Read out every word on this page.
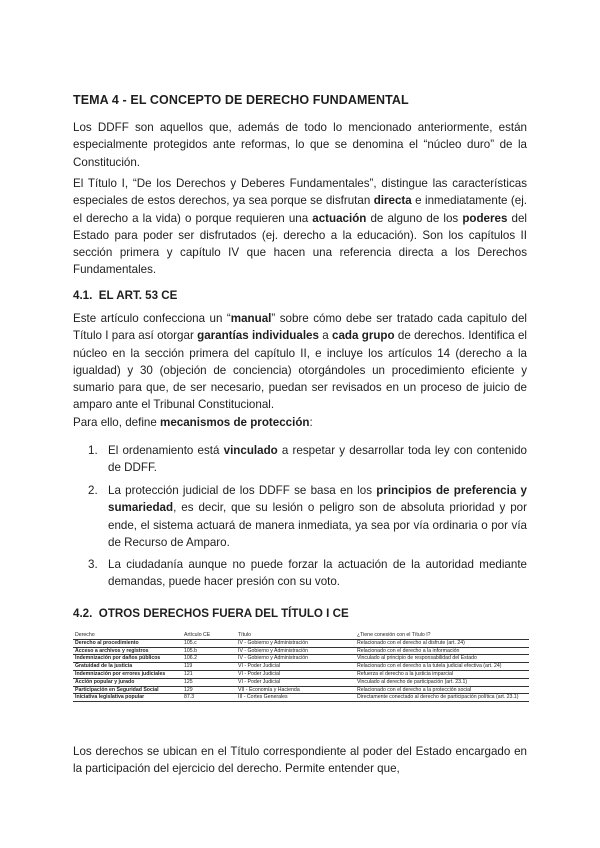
TEMA 4 - EL CONCEPTO DE DERECHO FUNDAMENTAL

Los DDFF son aquellos que, además de todo lo mencionado anteriormente, están especialmente protegidos ante reformas, lo que se denomina el “núcleo duro” de la Constitución.

El Título I, “De los Derechos y Deberes Fundamentales”, distingue las características especiales de estos derechos, ya sea porque se disfrutan directa e inmediatamente (ej. el derecho a la vida) o porque requieren una actuación de alguno de los poderes del Estado para poder ser disfrutados (ej. derecho a la educación). Son los capítulos II sección primera y capítulo IV que hacen una referencia directa a los Derechos Fundamentales.

4.1. EL ART. 53 CE

Este artículo confecciona un “manual” sobre cómo debe ser tratado cada capitulo del Título I para así otorgar garantías individuales a cada grupo de derechos. Identifica el núcleo en la sección primera del capítulo II, e incluye los artículos 14 (derecho a la igualdad) y 30 (objeción de conciencia) otorgándoles un procedimiento eficiente y sumario para que, de ser necesario, puedan ser revisados en un proceso de juicio de amparo ante el Tribunal Constitucional.

Para ello, define mecanismos de protección:

1. El ordenamiento está vinculado a respetar y desarrollar toda ley con contenido de DDFF.
2. La protección judicial de los DDFF se basa en los principios de preferencia y sumariedad, es decir, que su lesión o peligro son de absoluta prioridad y por ende, el sistema actuará de manera inmediata, ya sea por vía ordinaria o por vía de Recurso de Amparo.
3. La ciudadanía aunque no puede forzar la actuación de la autoridad mediante demandas, puede hacer presión con su voto.
4.2. OTROS DERECHOS FUERA DEL TÍTULO I CE
Derecho	Artículo CE	Título	¿Tiene conexión con el Título I?
Derecho al procedimiento	105.c	IV - Gobierno y Administración	Relacionado con el derecho al disfrute (art. 24)
Acceso a archivos y registros	105.b	IV - Gobierno y Administración	Relacionado con el derecho a la información
Indemnización por daños públicos	106.2	IV - Gobierno y Administración	Vinculado al principio de responsabilidad del Estado
Gratuidad de la justicia	119	VI - Poder Judicial	Relacionado con el derecho a la tutela judicial efectiva (art. 24)
Indemnización por errores judiciales	121	VI - Poder Judicial	Refuerza el derecho a la justicia imparcial
Acción popular y jurado	125	VI - Poder Judicial	Vinculado al derecho de participación (art. 23.1)
Participación en Seguridad Social	129	VII - Economía y Hacienda	Relacionado con el derecho a la protección social
Iniciativa legislativa popular	87.3	III - Cortes Generales	Directamente conectado al derecho de participación política (art. 23.1)

Los derechos se ubican en el Título correspondiente al poder del Estado encargado en la participación del ejercicio del derecho. Permite entender que,
